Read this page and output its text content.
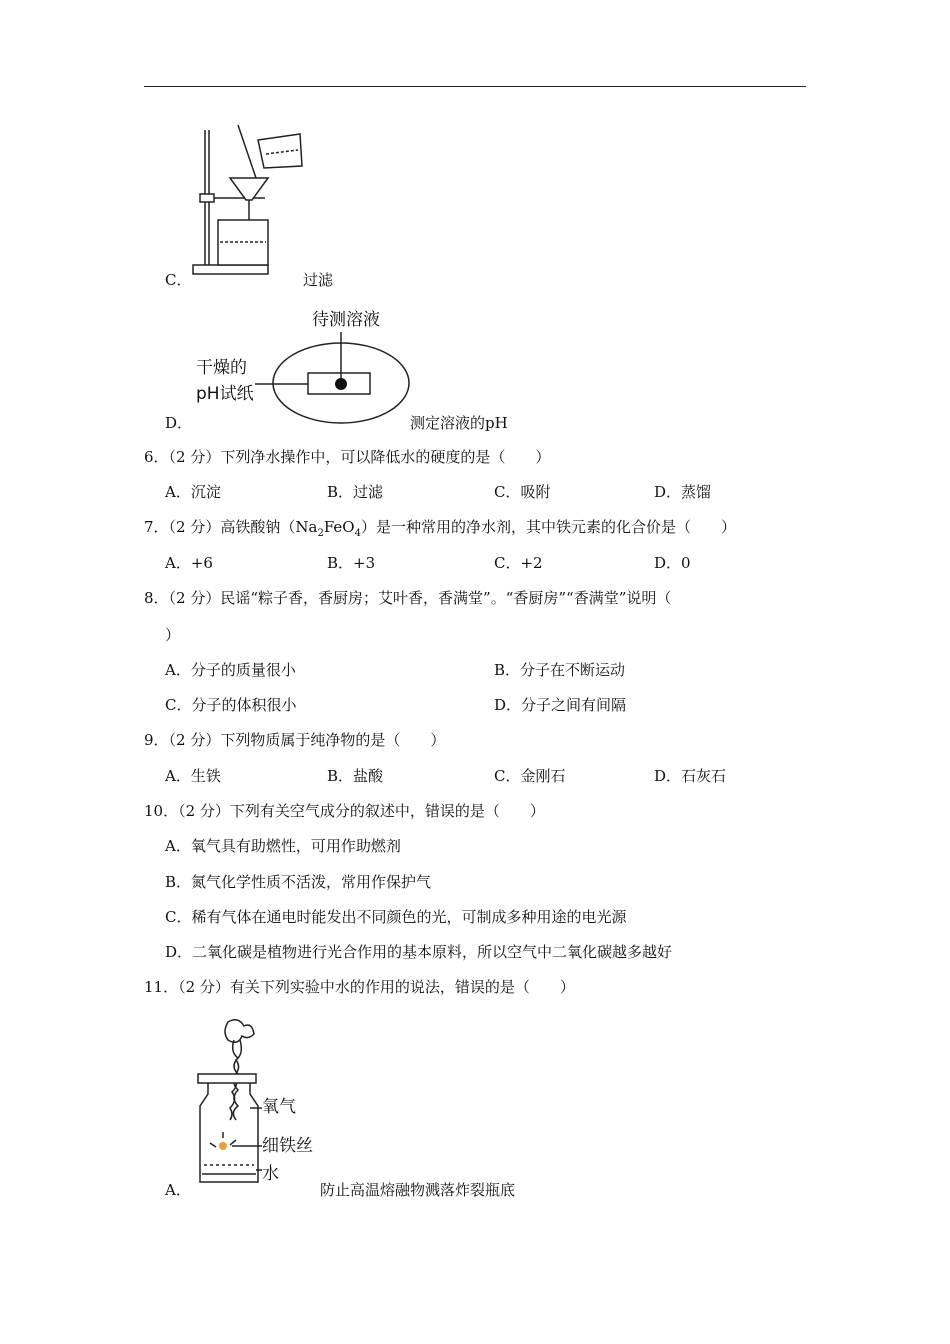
C．	过滤
待测溶液
干燥的
pH试纸
D．	测定溶液的pH
6．（2 分）下列净水操作中，可以降低水的硬度的是（　　）
A．沉淀	B．过滤	C．吸附	D．蒸馏
7．（2 分）高铁酸钠$(Na_2FeO_4)$是一种常用的净水剂，其中铁元素的化合价是（　　）
A．+6	B．+3	C．+2	D．0
8．（2 分）民谣“粽子香，香厨房；艾叶香，香满堂”。“香厨房”“香满堂”说明（
）
A．分子的质量很小	B．分子在不断运动
C．分子的体积很小	D．分子之间有间隔
9．（2 分）下列物质属于纯净物的是（　　）
A．生铁	B．盐酸	C．金刚石	D．石灰石
10．（2 分）下列有关空气成分的叙述中，错误的是（　　）
A．氧气具有助燃性，可用作助燃剂
B．氮气化学性质不活泼，常用作保护气
C．稀有气体在通电时能发出不同颜色的光，可制成多种用途的电光源
D．二氧化碳是植物进行光合作用的基本原料，所以空气中二氧化碳越多越好
11．（2 分）有关下列实验中水的作用的说法，错误的是（　　）
氧气
细铁丝
水
A．	防止高温熔融物溅落炸裂瓶底
